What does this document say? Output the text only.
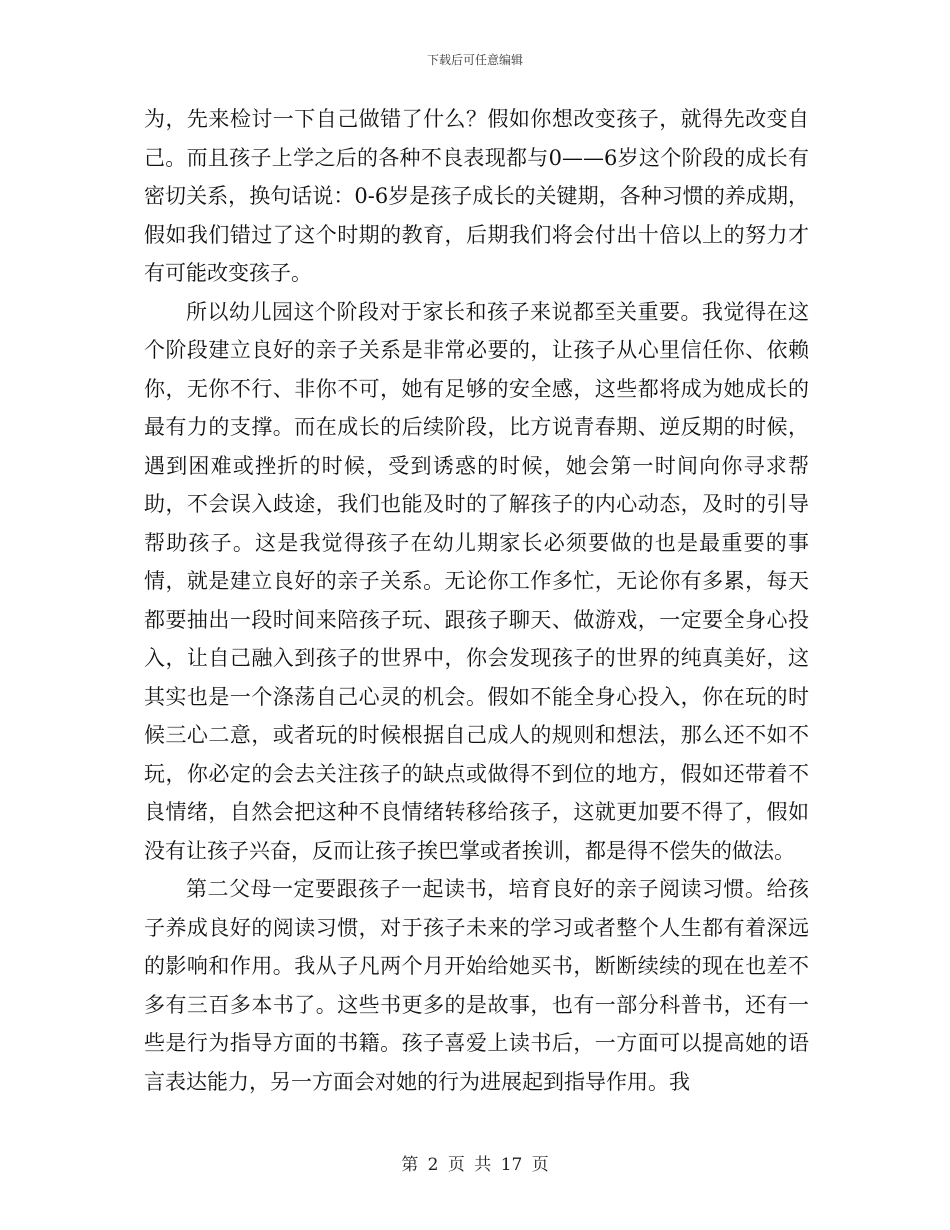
下载后可任意编辑

为，先来检讨一下自己做错了什么？假如你想改变孩子，就得先改变自己。而且孩子上学之后的各种不良表现都与0——6岁这个阶段的成长有密切关系，换句话说：0-6岁是孩子成长的关键期，各种习惯的养成期，假如我们错过了这个时期的教育，后期我们将会付出十倍以上的努力才有可能改变孩子。

所以幼儿园这个阶段对于家长和孩子来说都至关重要。我觉得在这个阶段建立良好的亲子关系是非常必要的，让孩子从心里信任你、依赖你，无你不行、非你不可，她有足够的安全感，这些都将成为她成长的最有力的支撑。而在成长的后续阶段，比方说青春期、逆反期的时候，遇到困难或挫折的时候，受到诱惑的时候，她会第一时间向你寻求帮助，不会误入歧途，我们也能及时的了解孩子的内心动态，及时的引导帮助孩子。这是我觉得孩子在幼儿期家长必须要做的也是最重要的事情，就是建立良好的亲子关系。无论你工作多忙，无论你有多累，每天都要抽出一段时间来陪孩子玩、跟孩子聊天、做游戏，一定要全身心投入，让自己融入到孩子的世界中，你会发现孩子的世界的纯真美好，这其实也是一个涤荡自己心灵的机会。假如不能全身心投入，你在玩的时候三心二意，或者玩的时候根据自己成人的规则和想法，那么还不如不玩，你必定的会去关注孩子的缺点或做得不到位的地方，假如还带着不良情绪，自然会把这种不良情绪转移给孩子，这就更加要不得了，假如没有让孩子兴奋，反而让孩子挨巴掌或者挨训，都是得不偿失的做法。

第二父母一定要跟孩子一起读书，培育良好的亲子阅读习惯。给孩子养成良好的阅读习惯，对于孩子未来的学习或者整个人生都有着深远的影响和作用。我从子凡两个月开始给她买书，断断续续的现在也差不多有三百多本书了。这些书更多的是故事，也有一部分科普书，还有一些是行为指导方面的书籍。孩子喜爱上读书后，一方面可以提高她的语言表达能力，另一方面会对她的行为进展起到指导作用。我

第 2 页 共 17 页
